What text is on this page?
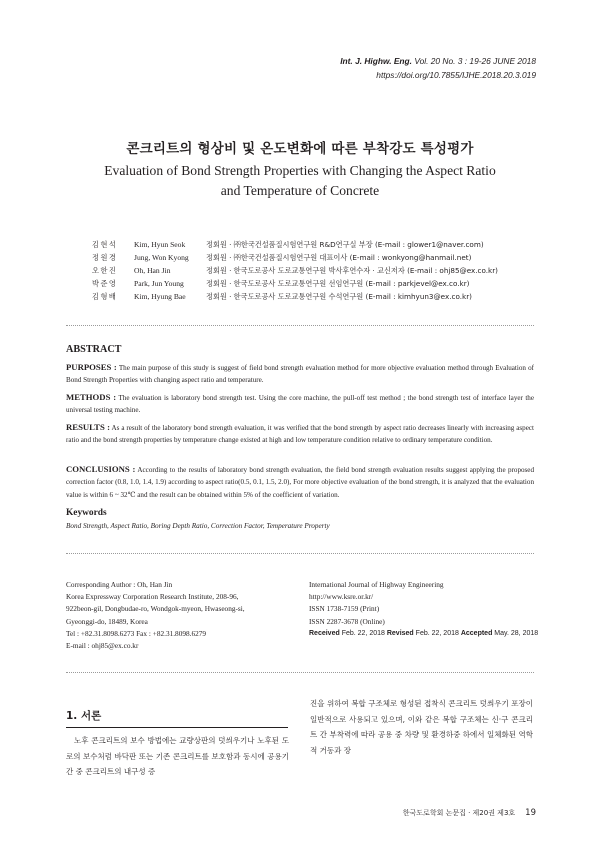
Int. J. Highw. Eng. Vol. 20 No. 3 : 19-26 JUNE 2018
https://doi.org/10.7855/IJHE.2018.20.3.019
콘크리트의 형상비 및 온도변화에 따른 부착강도 특성평가
Evaluation of Bond Strength Properties with Changing the Aspect Ratio
and Temperature of Concrete
김현석	Kim, Hyun Seok	정회원 · ㈜한국건설품질시험연구원 R&D연구실 부장 (E-mail : glower1@naver.com)
정원경	Jung, Won Kyong	정회원 · ㈜한국건설품질시험연구원 대표이사 (E-mail : wonkyong@hanmail.net)
오한진	Oh, Han Jin	정회원 · 한국도로공사 도로교통연구원 박사후연수자 · 교신저자 (E-mail : ohj85@ex.co.kr)
박준영	Park, Jun Young	정회원 · 한국도로공사 도로교통연구원 선임연구원 (E-mail : parkjevel@ex.co.kr)
김형배	Kim, Hyung Bae	정회원 · 한국도로공사 도로교통연구원 수석연구원 (E-mail : kimhyun3@ex.co.kr)
ABSTRACT
PURPOSES : The main purpose of this study is suggest of field bond strength evaluation method for more objective evaluation method through Evaluation of Bond Strength Properties with changing aspect ratio and temperature.
METHODS : The evaluation is laboratory bond strength test. Using the core machine, the pull-off test method ; the bond strength test of interface layer the universal testing machine.
RESULTS : As a result of the laboratory bond strength evaluation, it was verified that the bond strength by aspect ratio decreases linearly with increasing aspect ratio and the bond strength properties by temperature change existed at high and low temperature condition relative to ordinary temperature condition.
CONCLUSIONS : According to the results of laboratory bond strength evaluation, the field bond strength evaluation results suggest applying the proposed correction factor (0.8, 1.0, 1.4, 1.9) according to aspect ratio(0.5, 0.1, 1.5, 2.0), For more objective evaluation of the bond strength, it is analyzed that the evaluation value is within 6 ~ 32℃ and the result can be obtained within 5% of the coefficient of variation.
Keywords
Bond Strength, Aspect Ratio, Boring Depth Ratio, Correction Factor, Temperature Property
Corresponding Author : Oh, Han Jin
Korea Expressway Corporation Research Institute, 208-96,
922beon-gil, Dongbudae-ro, Wondgok-myeon, Hwaseong-si,
Gyeonggi-do, 18489, Korea
Tel : +82.31.8098.6273 Fax : +82.31.8098.6279
E-mail : ohj85@ex.co.kr
International Journal of Highway Engineering
http://www.ksre.or.kr/
ISSN 1738-7159 (Print)
ISSN 2287-3678 (Online)
Received Feb. 22, 2018 Revised Feb. 22, 2018 Accepted May. 28, 2018
1. 서론
노후 콘크리트의 보수 방법에는 교량상판의 덧씌우기나 노후된 도로의 보수처럼 바닥판 또는 기존 콘크리트를 보호함과 동시에 공용기간 중 콘크리트의 내구성 증
진을 위하여 복합 구조체로 형성된 접착식 콘크리트 덧씌우기 포장이 일반적으로 사용되고 있으며, 이와 같은 복합 구조체는 신·구 콘크리트 간 부착력에 따라 공용 중 차량 및 환경하중 하에서 일체화된 역학적 거동과 장
한국도로학회 논문집 · 제20권 제3호 19
